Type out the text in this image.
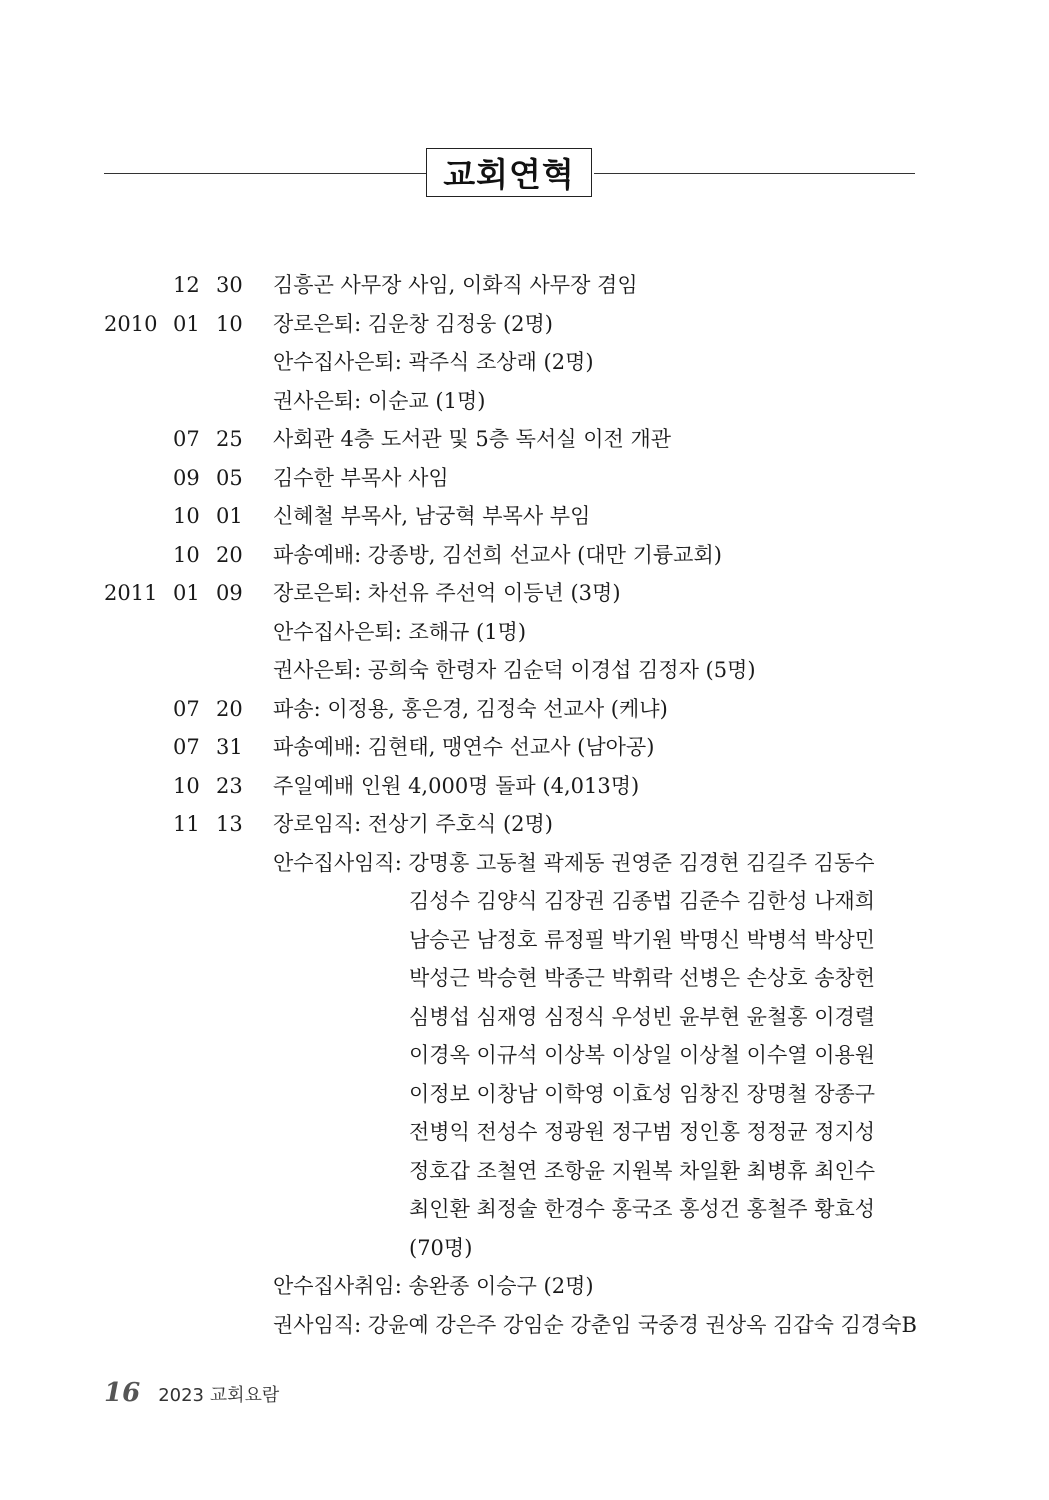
교회연혁
12 30 김흥곤 사무장 사임, 이화직 사무장 겸임
2010 01 10 장로은퇴: 김운창 김정웅 (2명)
안수집사은퇴: 곽주식 조상래 (2명)
권사은퇴: 이순교 (1명)
07 25 사회관 4층 도서관 및 5층 독서실 이전 개관
09 05 김수한 부목사 사임
10 01 신혜철 부목사, 남궁혁 부목사 부임
10 20 파송예배: 강종방, 김선희 선교사 (대만 기륭교회)
2011 01 09 장로은퇴: 차선유 주선억 이등년 (3명)
안수집사은퇴: 조해규 (1명)
권사은퇴: 공희숙 한령자 김순덕 이경섭 김정자 (5명)
07 20 파송: 이정용, 홍은경, 김정숙 선교사 (케냐)
07 31 파송예배: 김현태, 맹연수 선교사 (남아공)
10 23 주일예배 인원 4,000명 돌파 (4,013명)
11 13 장로임직: 전상기 주호식 (2명)
안수집사임직: 강명홍 고동철 곽제동 권영준 김경현 김길주 김동수
김성수 김양식 김장권 김종법 김준수 김한성 나재희
남승곤 남정호 류정필 박기원 박명신 박병석 박상민
박성근 박승현 박종근 박휘락 선병은 손상호 송창헌
심병섭 심재영 심정식 우성빈 윤부현 윤철홍 이경렬
이경옥 이규석 이상복 이상일 이상철 이수열 이용원
이정보 이창남 이학영 이효성 임창진 장명철 장종구
전병익 전성수 정광원 정구범 정인홍 정정균 정지성
정호갑 조철연 조항윤 지원복 차일환 최병휴 최인수
최인환 최정술 한경수 홍국조 홍성건 홍철주 황효성
(70명)
안수집사취임: 송완종 이승구 (2명)
권사임직: 강윤예 강은주 강임순 강춘임 국중경 권상옥 김갑숙 김경숙B
16 2023 교회요람
